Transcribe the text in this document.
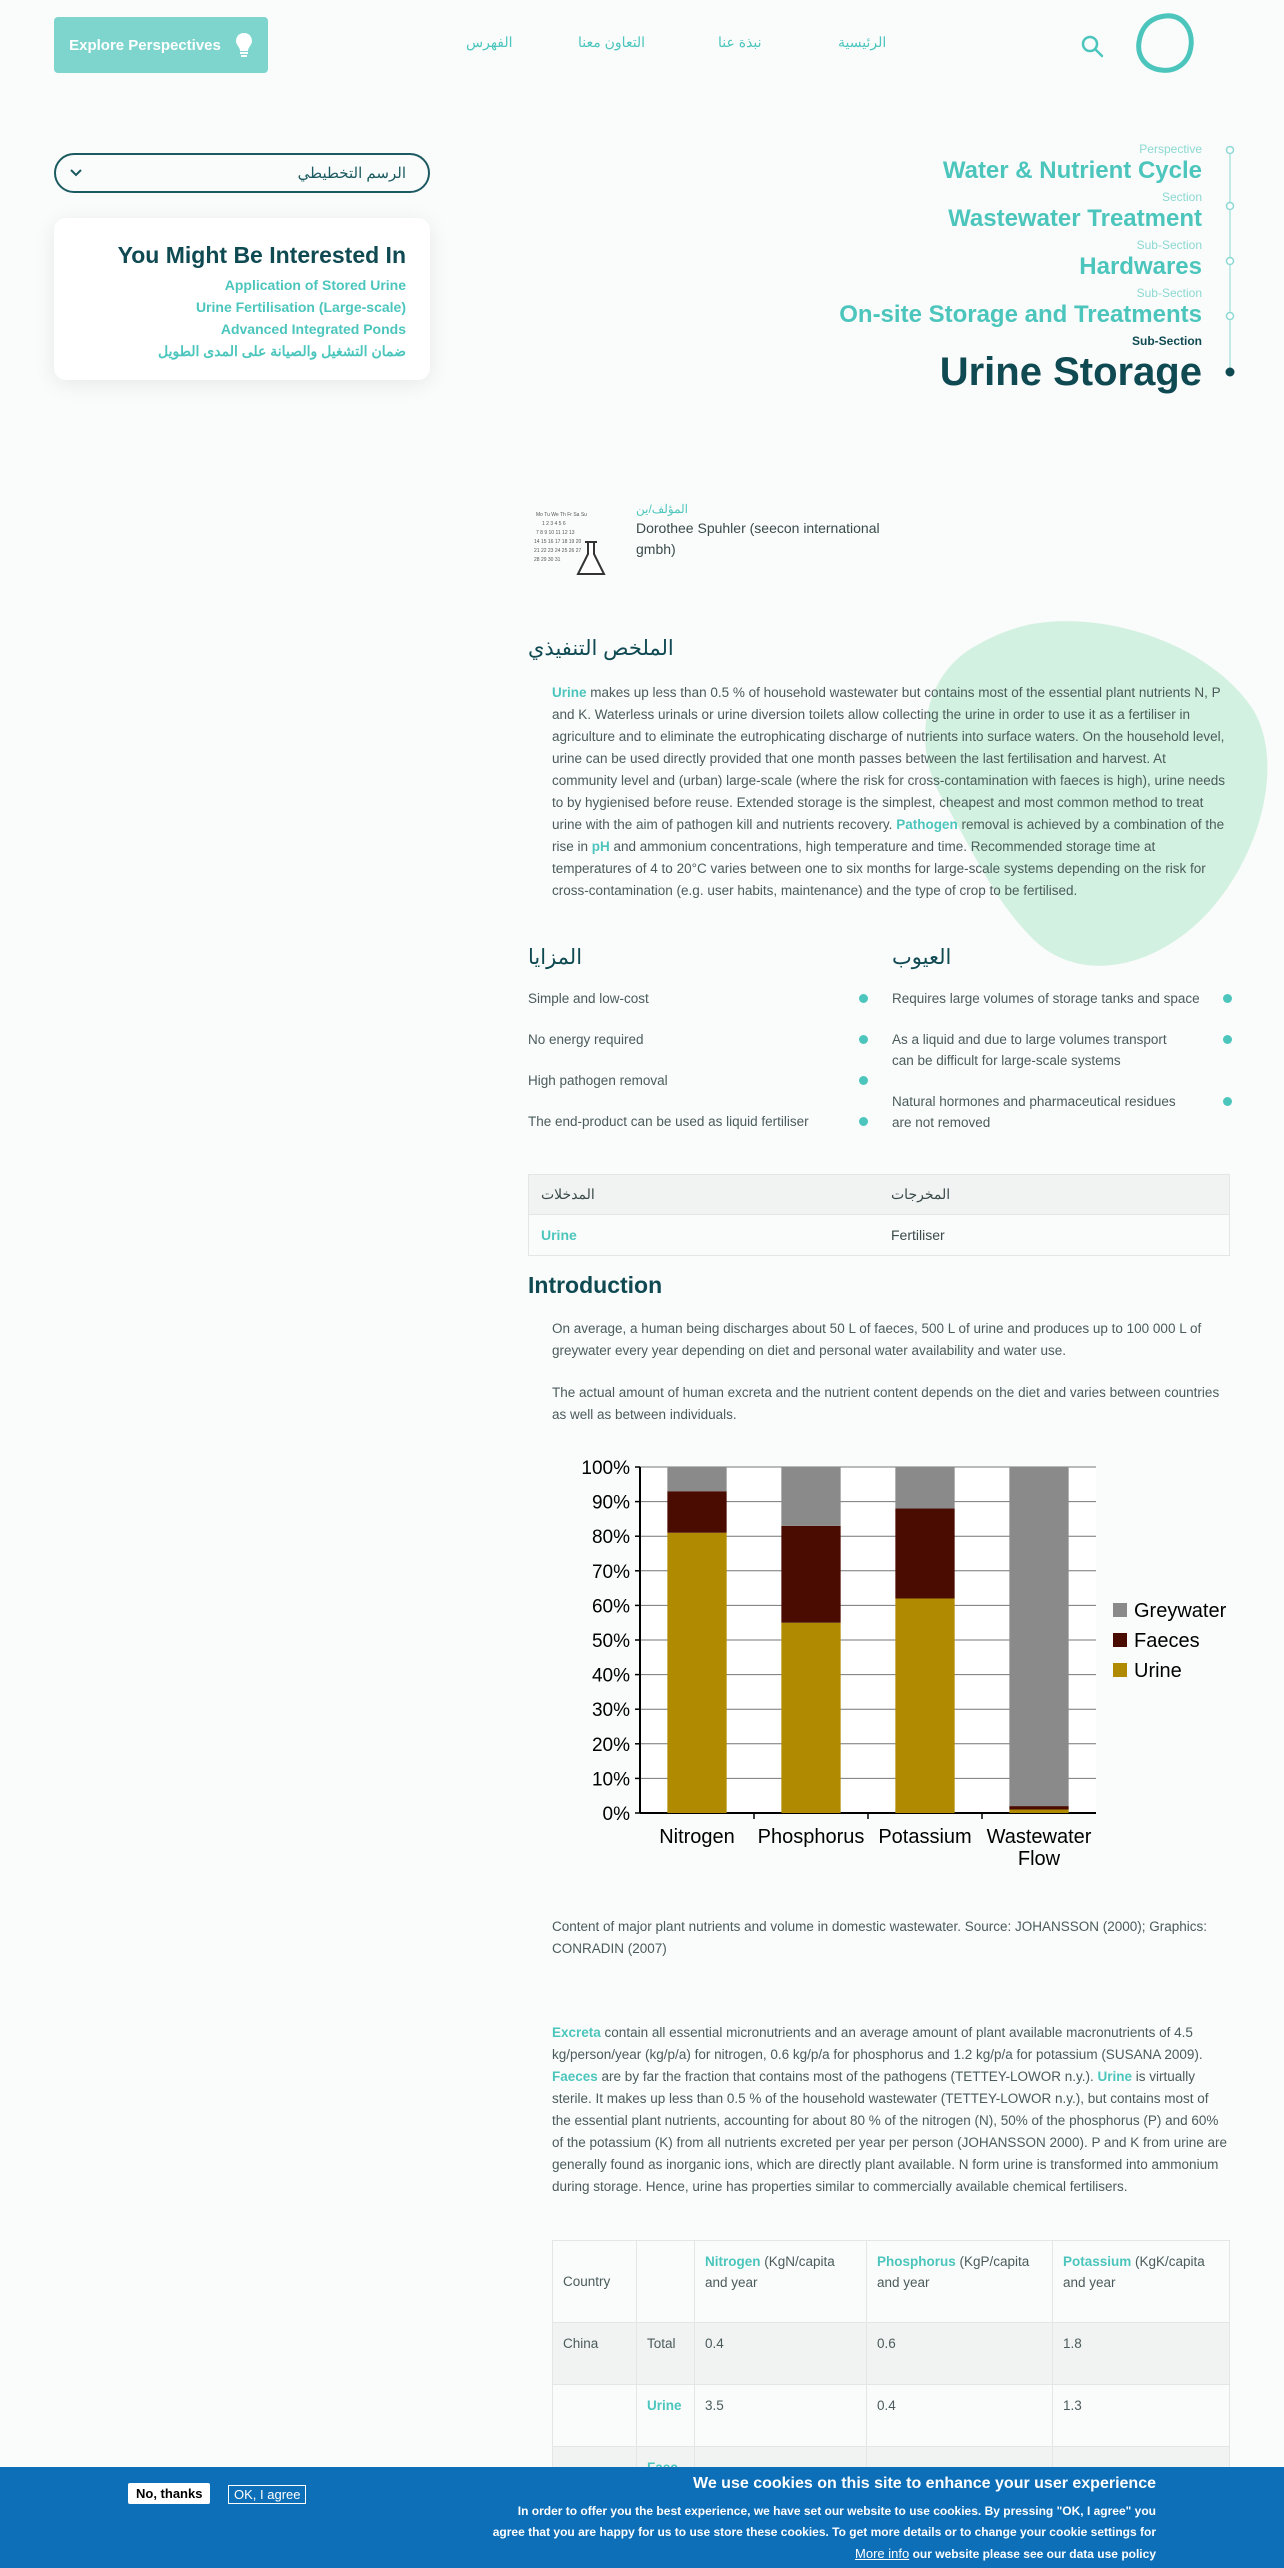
Explore Perspectives	الفهرس	التعاون معنا	نبذة عنا	الرئيسية
الرسم التخطيطي
You Might Be Interested In
Application of Stored Urine
Urine Fertilisation (Large-scale)
Advanced Integrated Ponds
ضمان التشغيل والصيانة على المدى الطويل
Perspective
Water & Nutrient Cycle
Section
Wastewater Treatment
Sub-Section
Hardwares
Sub-Section
On-site Storage and Treatments
Sub-Section
Urine Storage
Mo Tu We Th Fr Sa Su
1 2 3 4 5 6
7 8 9 10 11 12 13
14 15 16 17 18 19 20
21 22 23 24 25 26 27
28 29 30 31
المؤلف/ين
Dorothee Spuhler (seecon international gmbh)
الملخص التنفيذي

Urine makes up less than 0.5 % of household wastewater but contains most of the essential plant nutrients N, P and K. Waterless urinals or urine diversion toilets allow collecting the urine in order to use it as a fertiliser in agriculture and to eliminate the eutrophicating discharge of nutrients into surface waters. On the household level, urine can be used directly provided that one month passes between the last fertilisation and harvest. At community level and (urban) large-scale (where the risk for cross-contamination with faeces is high), urine needs to by hygienised before reuse. Extended storage is the simplest, cheapest and most common method to treat urine with the aim of pathogen kill and nutrients recovery. Pathogen removal is achieved by a combination of the rise in pH and ammonium concentrations, high temperature and time. Recommended storage time at temperatures of 4 to 20°C varies between one to six months for large-scale systems depending on the risk for cross-contamination (e.g. user habits, maintenance) and the type of crop to be fertilised.

المزايا
Simple and low-cost
No energy required
High pathogen removal
The end-product can be used as liquid fertiliser
العيوب
Requires large volumes of storage tanks and space
As a liquid and due to large volumes transport can be difficult for large-scale systems
Natural hormones and pharmaceutical residues are not removed
المدخلات	المخرجات
Urine	Fertiliser
Introduction

On average, a human being discharges about 50 L of faeces, 500 L of urine and produces up to 100 000 L of greywater every year depending on diet and personal water availability and water use.

The actual amount of human excreta and the nutrient content depends on the diet and varies between countries as well as between individuals.

0%
10%
20%
30%
40%
50%
60%
70%
80%
90%
100%
Nitrogen Phosphorus Potassium Wastewater
Flow
Greywater
Faeces
Urine

Content of major plant nutrients and volume in domestic wastewater. Source: JOHANSSON (2000); Graphics: CONRADIN (2007)

Excreta contain all essential micronutrients and an average amount of plant available macronutrients of 4.5 kg/person/year (kg/p/a) for nitrogen, 0.6 kg/p/a for phosphorus and 1.2 kg/p/a for potassium (SUSANA 2009). Faeces are by far the fraction that contains most of the pathogens (TETTEY-LOWOR n.y.). Urine is virtually sterile. It makes up less than 0.5 % of the household wastewater (TETTEY-LOWOR n.y.), but contains most of the essential plant nutrients, accounting for about 80 % of the nitrogen (N), 50% of the phosphorus (P) and 60% of the potassium (K) from all nutrients excreted per year per person (JOHANSSON 2000). P and K from urine are generally found as inorganic ions, which are directly plant available. N form urine is transformed into ammonium during storage. Hence, urine has properties similar to commercially available chemical fertilisers.

Country		Nitrogen (KgN/capita and year	Phosphorus (KgP/capita and year	Potassium (KgK/capita and year
China	Total	0.4	0.6	1.8
	Urine	3.5	0.4	1.3

No, thanks	OK, I agree
We use cookies on this site to enhance your user experience
In order to offer you the best experience, we have set our website to use cookies. By pressing "OK, I agree" you
agree that you are happy for us to use store these cookies. To get more details or to change your cookie settings for
More info our website please see our data use policy
